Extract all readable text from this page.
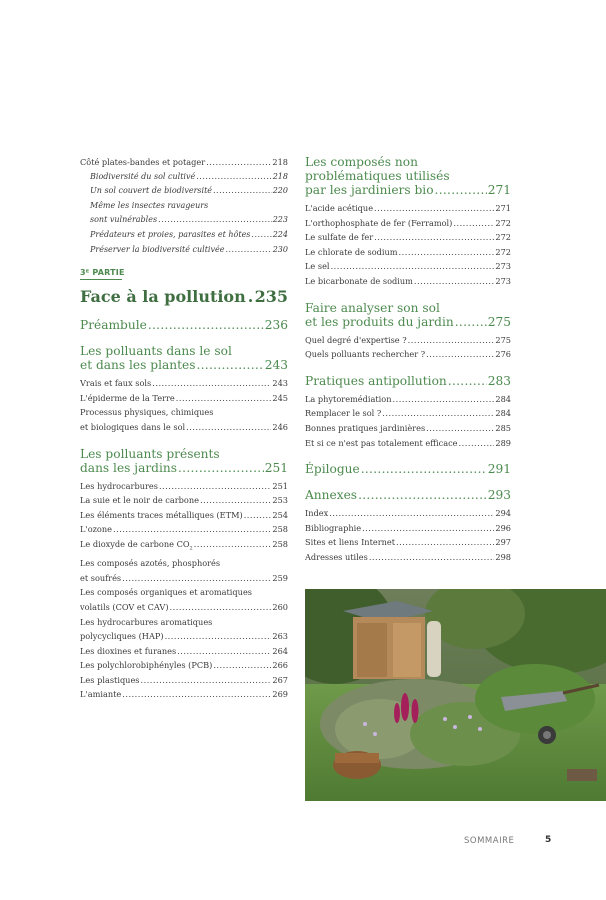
Côté plates-bandes et potager .....	218
Biodiversité du sol cultivé .....	218
Un sol couvert de biodiversité .....	220
Même les insectes ravageurs
sont vulnérables .....	223
Prédateurs et proies, parasites et hôtes .....	224
Préserver la biodiversité cultivée .....	230
3ᴱ PARTIE
Face à la pollution ..... 235
Préambule .....	236
Les polluants dans le sol
et dans les plantes .....	243
Vrais et faux sols .....	243
L'épiderme de la Terre .....	245
Processus physiques, chimiques
et biologiques dans le sol .....	246
Les polluants présents
dans les jardins .....	251
Les hydrocarbures .....	251
La suie et le noir de carbone .....	253
Les éléments traces métalliques (ETM) .....	254
L'ozone .....	258
Le dioxyde de carbone $CO_2$ .....	258
Les composés azotés, phosphorés
et soufrés .....	259
Les composés organiques et aromatiques
volatils (COV et CAV) .....	260
Les hydrocarbures aromatiques
polycycliques (HAP) .....	263
Les dioxines et furanes .....	264
Les polychlorobiphényles (PCB) .....	266
Les plastiques .....	267
L'amiante .....	269
Les composés non
problématiques utilisés
par les jardiniers bio .....	271
L'acide acétique .....	271
L'orthophosphate de fer (Ferramol) .....	272
Le sulfate de fer .....	272
Le chlorate de sodium .....	272
Le sel .....	273
Le bicarbonate de sodium .....	273
Faire analyser son sol
et les produits du jardin .....	275
Quel degré d'expertise ? .....	275
Quels polluants rechercher ? .....	276
Pratiques antipollution .....	283
La phytoremédiation .....	284
Remplacer le sol ? .....	284
Bonnes pratiques jardinières .....	285
Et si ce n'est pas totalement efficace .....	289
Épilogue .....	291
Annexes .....	293
Index .....	294
Bibliographie .....	296
Sites et liens Internet .....	297
Adresses utiles .....	298
SOMMAIRE	5
